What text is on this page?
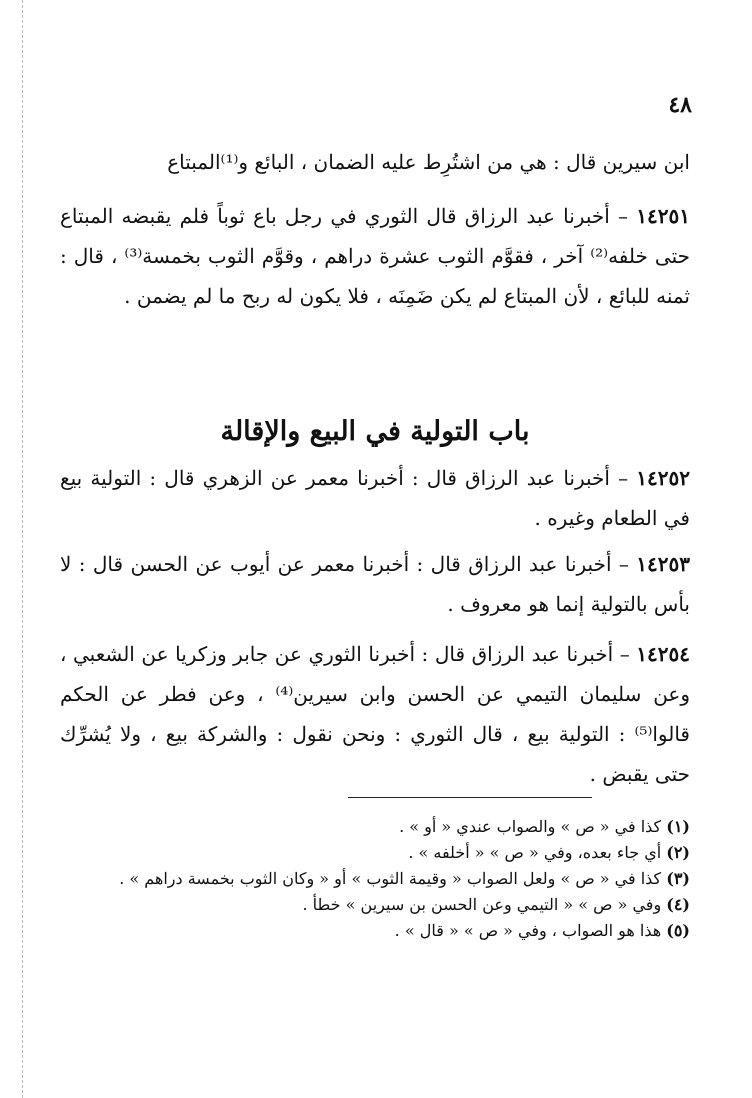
٤٨
ابن سيرين قال : هي من اشتُرِط عليه الضمان ، البائع و⁽¹⁾المبتاع
١٤٢٥١ – أخبرنا عبد الرزاق قال الثوري في رجل باع ثوباً فلم يقبضه المبتاع حتى خلفه⁽²⁾ آخر ، فقوَّم الثوب عشرة دراهم ، وقوَّم الثوب بخمسة⁽³⁾ ، قال : ثمنه للبائع ، لأن المبتاع لم يكن ضَمِنَه ، فلا يكون له ربح ما لم يضمن .
باب التولية في البيع والإقالة
١٤٢٥٢ – أخبرنا عبد الرزاق قال : أخبرنا معمر عن الزهري قال : التولية بيع في الطعام وغيره .
١٤٢٥٣ – أخبرنا عبد الرزاق قال : أخبرنا معمر عن أيوب عن الحسن قال : لا بأس بالتولية إنما هو معروف .
١٤٢٥٤ – أخبرنا عبد الرزاق قال : أخبرنا الثوري عن جابر وزكريا عن الشعبي ، وعن سليمان التيمي عن الحسن وابن سيرين⁽⁴⁾ ، وعن فطر عن الحكم قالوا⁽⁵⁾ : التولية بيع ، قال الثوري : ونحن نقول : والشركة بيع ، ولا يُشرِّك حتى يقبض .
(١) كذا في « ص » والصواب عندي « أو » .
(٢) أي جاء بعده، وفي « ص » « أخلفه » .
(٣) كذا في « ص » ولعل الصواب « وقيمة الثوب » أو « وكان الثوب بخمسة دراهم » .
(٤) وفي « ص » « التيمي وعن الحسن بن سيرين » خطأ .
(٥) هذا هو الصواب ، وفي « ص » « قال » .
